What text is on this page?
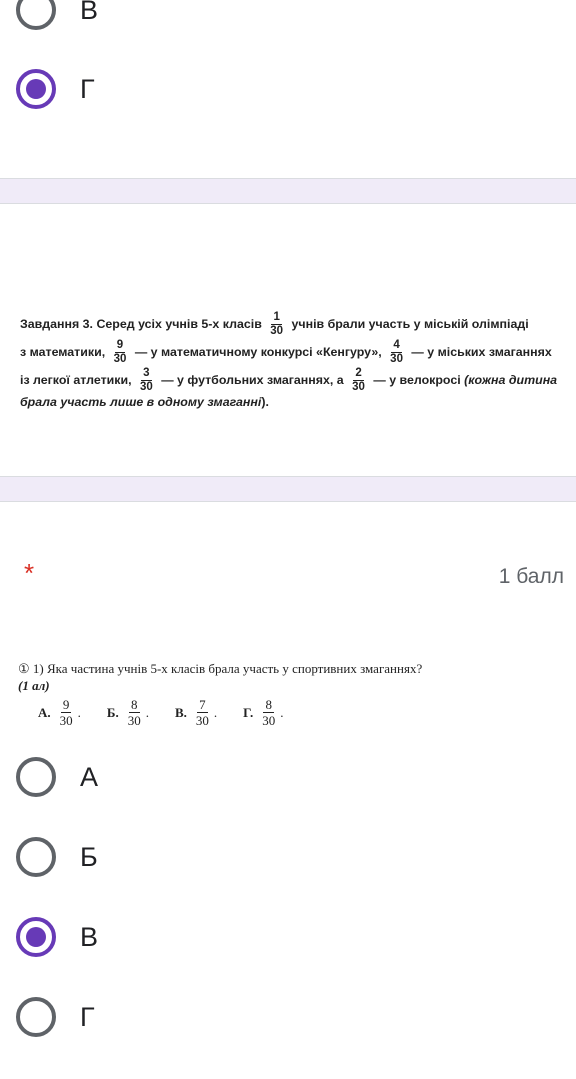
В
Г
Завдання 3. Серед усіх учнів 5-х класів $\frac{1}{30}$ учнів брали участь у міській олімпіаді
з математики, $\frac{9}{30}$ — у математичному конкурсі «Кенгуру», $\frac{4}{30}$ — у міських змаганнях
із легкої атлетики, $\frac{3}{30}$ — у футбольних змаганнях, а $\frac{2}{30}$ — у велокросі (кожна дитина
брала участь лише в одному змаганні).
*	1 балл
① 1) Яка частина учнів 5-х класів брала участь у спортивних змаганнях?
(1 ал)
А. $\frac{9}{30}$ . Б. $\frac{8}{30}$ . В. $\frac{7}{30}$ . Г. $\frac{8}{30}$ .
А
Б
В
Г
